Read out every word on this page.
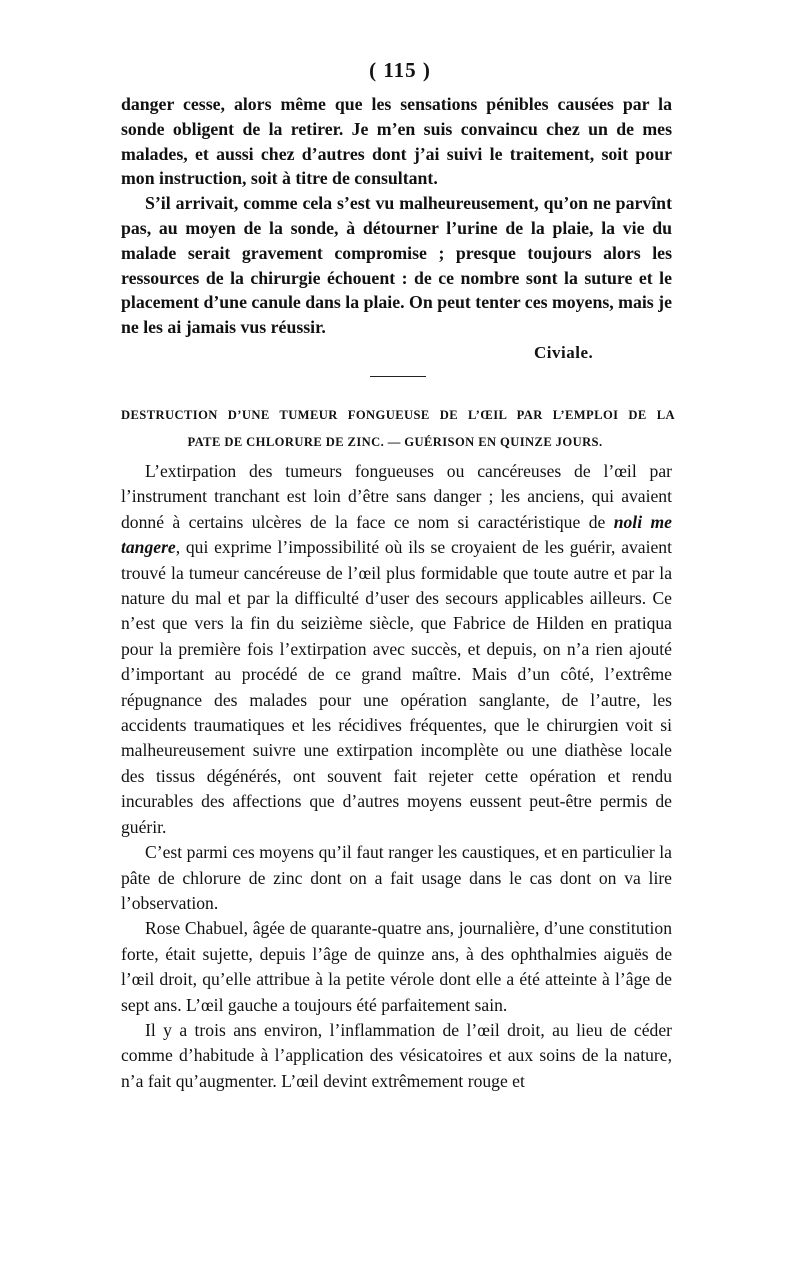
( 115 )

danger cesse, alors même que les sensations pénibles causées par la sonde obligent de la retirer. Je m’en suis convaincu chez un de mes malades, et aussi chez d’autres dont j’ai suivi le traitement, soit pour mon instruction, soit à titre de consultant.

S’il arrivait, comme cela s’est vu malheureusement, qu’on ne parvînt pas, au moyen de la sonde, à détourner l’urine de la plaie, la vie du malade serait gravement compromise ; presque toujours alors les ressources de la chirurgie échouent : de ce nombre sont la suture et le placement d’une canule dans la plaie. On peut tenter ces moyens, mais je ne les ai jamais vus réussir.

Civiale.
DESTRUCTION D’UNE TUMEUR FONGUEUSE DE L’ŒIL PAR L’EMPLOI DE LA
PATE DE CHLORURE DE ZINC. — GUÉRISON EN QUINZE JOURS.

L’extirpation des tumeurs fongueuses ou cancéreuses de l’œil par l’instrument tranchant est loin d’être sans danger ; les anciens, qui avaient donné à certains ulcères de la face ce nom si caractéristique de noli me tangere, qui exprime l’impossibilité où ils se croyaient de les guérir, avaient trouvé la tumeur cancéreuse de l’œil plus formidable que toute autre et par la nature du mal et par la difficulté d’user des secours applicables ailleurs. Ce n’est que vers la fin du seizième siècle, que Fabrice de Hilden en pratiqua pour la première fois l’extirpation avec succès, et depuis, on n’a rien ajouté d’important au procédé de ce grand maître. Mais d’un côté, l’extrême répugnance des malades pour une opération sanglante, de l’autre, les accidents traumatiques et les récidives fréquentes, que le chirurgien voit si malheureusement suivre une extirpation incomplète ou une diathèse locale des tissus dégénérés, ont souvent fait rejeter cette opération et rendu incurables des affections que d’autres moyens eussent peut-être permis de guérir.

C’est parmi ces moyens qu’il faut ranger les caustiques, et en particulier la pâte de chlorure de zinc dont on a fait usage dans le cas dont on va lire l’observation.

Rose Chabuel, âgée de quarante-quatre ans, journalière, d’une constitution forte, était sujette, depuis l’âge de quinze ans, à des ophthalmies aiguës de l’œil droit, qu’elle attribue à la petite vérole dont elle a été atteinte à l’âge de sept ans. L’œil gauche a toujours été parfaitement sain.

Il y a trois ans environ, l’inflammation de l’œil droit, au lieu de céder comme d’habitude à l’application des vésicatoires et aux soins de la nature, n’a fait qu’augmenter. L’œil devint extrêmement rouge et
